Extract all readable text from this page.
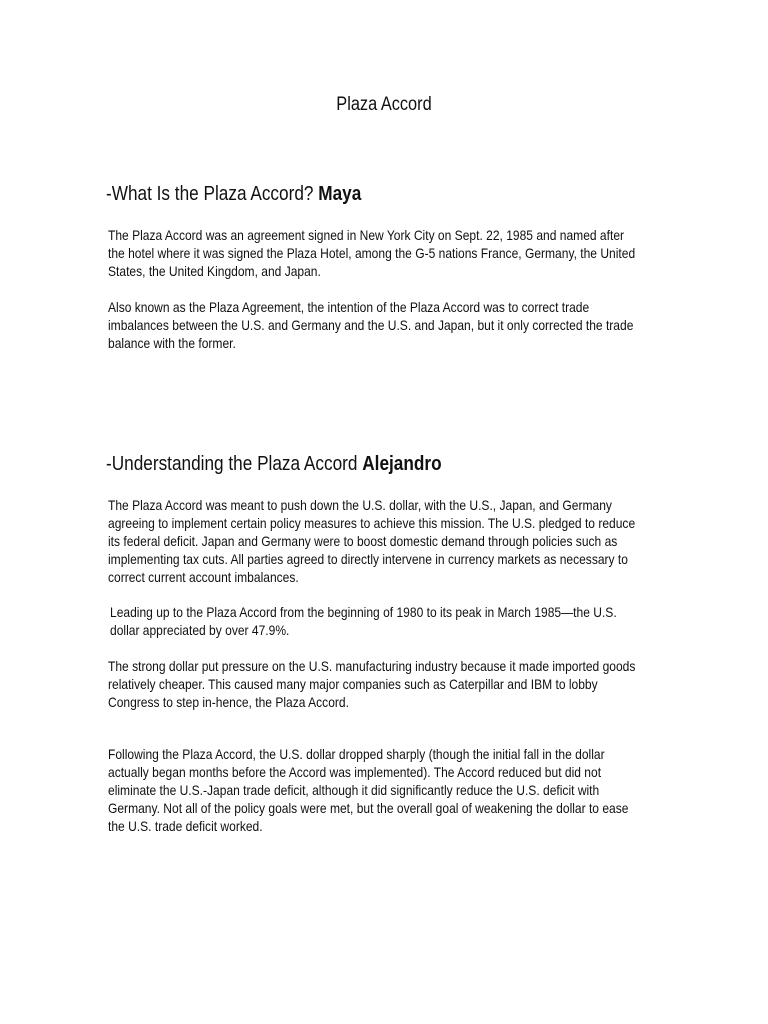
Plaza Accord
-What Is the Plaza Accord? Maya
The Plaza Accord was an agreement signed in New York City on Sept. 22, 1985 and named after
the hotel where it was signed the Plaza Hotel, among the G-5 nations France, Germany, the United
States, the United Kingdom, and Japan.
Also known as the Plaza Agreement, the intention of the Plaza Accord was to correct trade
imbalances between the U.S. and Germany and the U.S. and Japan, but it only corrected the trade
balance with the former.
-Understanding the Plaza Accord Alejandro
The Plaza Accord was meant to push down the U.S. dollar, with the U.S., Japan, and Germany
agreeing to implement certain policy measures to achieve this mission. The U.S. pledged to reduce
its federal deficit. Japan and Germany were to boost domestic demand through policies such as
implementing tax cuts. All parties agreed to directly intervene in currency markets as necessary to
correct current account imbalances.
Leading up to the Plaza Accord from the beginning of 1980 to its peak in March 1985—the U.S.
dollar appreciated by over 47.9%.
The strong dollar put pressure on the U.S. manufacturing industry because it made imported goods
relatively cheaper. This caused many major companies such as Caterpillar and IBM to lobby
Congress to step in-hence, the Plaza Accord.
Following the Plaza Accord, the U.S. dollar dropped sharply (though the initial fall in the dollar
actually began months before the Accord was implemented). The Accord reduced but did not
eliminate the U.S.-Japan trade deficit, although it did significantly reduce the U.S. deficit with
Germany. Not all of the policy goals were met, but the overall goal of weakening the dollar to ease
the U.S. trade deficit worked.
